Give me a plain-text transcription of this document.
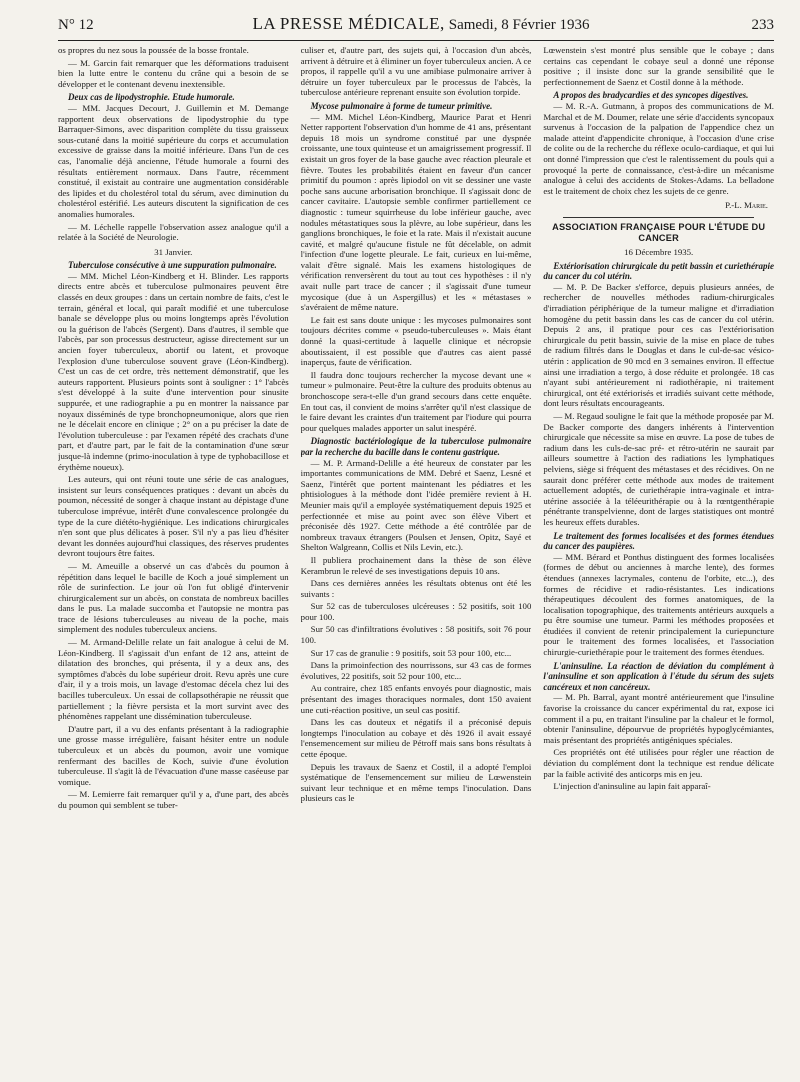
N° 12	LA PRESSE MÉDICALE, Samedi, 8 Février 1936	233

os propres du nez sous la poussée de la bosse frontale.

— M. Garcin fait remarquer que les déformations traduisent bien la lutte entre le contenu du crâne qui a besoin de se développer et le contenant devenu inextensible.

Deux cas de lipodystrophie. Etude humorale.

— MM. Jacques Decourt, J. Guillemin et M. Demange rapportent deux observations de lipodystrophie du type Barraquer-Simons, avec disparition complète du tissu graisseux sous-cutané dans la moitié supérieure du corps et accumulation excessive de graisse dans la moitié inférieure. Dans l'un de ces cas, l'anomalie déjà ancienne, l'étude humorale a fourni des résultats entièrement normaux. Dans l'autre, récemment constitué, il existait au contraire une augmentation considérable des lipides et du cholestérol total du sérum, avec diminution du cholestérol estérifié. Les auteurs discutent la signification de ces anomalies humorales.

— M. Léchelle rappelle l'observation assez analogue qu'il a relatée à la Société de Neurologie.

31 Janvier.
Tuberculose consécutive à une suppuration pulmonaire.

— MM. Michel Léon-Kindberg et H. Blinder. Les rapports directs entre abcès et tuberculose pulmonaires peuvent être classés en deux groupes : dans un certain nombre de faits, c'est le terrain, général et local, qui paraît modifié et une tuberculose banale se développe plus ou moins longtemps après l'évolution ou la guérison de l'abcès (Sergent). Dans d'autres, il semble que l'abcès, par son processus destructeur, agisse directement sur un ancien foyer tuberculeux, abortif ou latent, et provoque l'explosion d'une tuberculose souvent grave (Léon-Kindberg). C'est un cas de cet ordre, très nettement démonstratif, que les auteurs rapportent. Plusieurs points sont à souligner : 1° l'abcès s'est développé à la suite d'une intervention pour sinusite suppurée, et une radiographie a pu en montrer la naissance par noyaux disséminés de type bronchopneumonique, alors que rien ne le décelait encore en clinique ; 2° on a pu préciser la date de l'évolution tuberculeuse : par l'examen répété des crachats d'une part, et d'autre part, par le fait de la contamination d'une sœur jusque-là indemne (primo-inoculation à type de typhobacillose et érythème noueux).

Les auteurs, qui ont réuni toute une série de cas analogues, insistent sur leurs conséquences pratiques : devant un abcès du poumon, nécessité de songer à chaque instant au dépistage d'une tuberculose imprévue, intérêt d'une convalescence prolongée du type de la cure diététo-hygiénique. Les indications chirurgicales n'en sont que plus délicates à poser. S'il n'y a pas lieu d'hésiter devant les données aujourd'hui classiques, des réserves prudentes devront toujours être faites.

— M. Ameuille a observé un cas d'abcès du poumon à répétition dans lequel le bacille de Koch a joué simplement un rôle de surinfection. Le jour où l'on fut obligé d'intervenir chirurgicalement sur un abcès, on constata de nombreux bacilles dans le pus. La malade succomba et l'autopsie ne montra pas trace de lésions tuberculeuses au niveau de la poche, mais simplement des nodules tuberculeux anciens.

— M. Armand-Delille relate un fait analogue à celui de M. Léon-Kindberg. Il s'agissait d'un enfant de 12 ans, atteint de dilatation des bronches, qui présenta, il y a deux ans, des symptômes d'abcès du lobe supérieur droit. Revu après une cure d'air, il y a trois mois, un lavage d'estomac décela chez lui des bacilles tuberculeux. Un essai de collapsothérapie ne réussit que partiellement ; la fièvre persista et la mort survint avec des phénomènes rappelant une dissémination tuberculeuse.

D'autre part, il a vu des enfants présentant à la radiographie une grosse masse irrégulière, faisant hésiter entre un nodule tuberculeux et un abcès du poumon, avoir une vomique renfermant des bacilles de Koch, suivie d'une évolution tuberculeuse. Il s'agit là de l'évacuation d'une masse caséeuse par vomique.

— M. Lemierre fait remarquer qu'il y a, d'une part, des abcès du poumon qui semblent se tuber-

culiser et, d'autre part, des sujets qui, à l'occasion d'un abcès, arrivent à détruire et à éliminer un foyer tuberculeux ancien. A ce propos, il rappelle qu'il a vu une amibiase pulmonaire arriver à détruire un foyer tuberculeux par le processus de l'abcès, la tuberculose antérieure reprenant ensuite son évolution torpide.

Mycose pulmonaire à forme de tumeur primitive.

— MM. Michel Léon-Kindberg, Maurice Parat et Henri Netter rapportent l'observation d'un homme de 41 ans, présentant depuis 18 mois un syndrome constitué par une dyspnée croissante, une toux quinteuse et un amaigrissement progressif. Il existait un gros foyer de la base gauche avec réaction pleurale et fièvre. Toutes les probabilités étaient en faveur d'un cancer primitif du poumon : après lipiodol on vit se dessiner une vaste poche sans aucune arborisation bronchique. Il s'agissait donc de cancer cavitaire. L'autopsie semble confirmer partiellement ce diagnostic : tumeur squirrheuse du lobe inférieur gauche, avec nodules métastatiques sous la plèvre, au lobe supérieur, dans les ganglions bronchiques, le foie et la rate. Mais il n'existait aucune cavité, et malgré qu'aucune fistule ne fût décelable, on admit l'infection d'une logette pleurale. Le fait, curieux en lui-même, valait d'être signalé. Mais les examens histologiques de vérification renversèrent du tout au tout ces hypothèses : il n'y avait nulle part trace de cancer ; il s'agissait d'une tumeur mycosique (due à un Aspergillus) et les « métastases » s'avéraient de même nature.

Le fait est sans doute unique : les mycoses pulmonaires sont toujours décrites comme « pseudo-tuberculeuses ». Mais étant donné la quasi-certitude à laquelle clinique et nécropsie aboutissaient, il est possible que d'autres cas aient passé inaperçus, faute de vérification.

Il faudra donc toujours rechercher la mycose devant une « tumeur » pulmonaire. Peut-être la culture des produits obtenus au bronchoscope sera-t-elle d'un grand secours dans cette enquête. En tout cas, il convient de moins s'arrêter qu'il n'est classique de le faire devant les craintes d'un traitement par l'iodure qui pourra pour quelques malades apporter un salut inespéré.

Diagnostic bactériologique de la tuberculose pulmonaire par la recherche du bacille dans le contenu gastrique.

— M. P. Armand-Delille a été heureux de constater par les importantes communications de MM. Debré et Saenz, Lesné et Saenz, l'intérêt que portent maintenant les pédiatres et les phtisiologues à la méthode dont l'idée première revient à H. Meunier mais qu'il a employée systématiquement depuis 1925 et perfectionnée et mise au point avec son élève Vibert et préconisée dès 1927. Cette méthode a été contrôlée par de nombreux travaux étrangers (Poulsen et Jensen, Opitz, Sayé et Shelton Walgreann, Collis et Nils Levin, etc.).

Il publiera prochainement dans la thèse de son élève Kerambrun le relevé de ses investigations depuis 10 ans.

Dans ces dernières années les résultats obtenus ont été les suivants :

Sur 52 cas de tuberculoses ulcéreuses : 52 positifs, soit 100 pour 100.

Sur 50 cas d'infiltrations évolutives : 58 positifs, soit 76 pour 100.

Sur 17 cas de granulie : 9 positifs, soit 53 pour 100, etc...

Dans la primoinfection des nourrissons, sur 43 cas de formes évolutives, 22 positifs, soit 52 pour 100, etc...

Au contraire, chez 185 enfants envoyés pour diagnostic, mais présentant des images thoraciques normales, dont 150 avaient une cuti-réaction positive, un seul cas positif.

Dans les cas douteux et négatifs il a préconisé depuis longtemps l'inoculation au cobaye et dès 1926 il avait essayé l'ensemencement sur milieu de Pétroff mais sans bons résultats à cette époque.

Depuis les travaux de Saenz et Costil, il a adopté l'emploi systématique de l'ensemencement sur milieu de Lœwenstein suivant leur technique et en même temps l'inoculation. Dans plusieurs cas le

Lœwenstein s'est montré plus sensible que le cobaye ; dans certains cas cependant le cobaye seul a donné une réponse positive ; il insiste donc sur la grande sensibilité que le perfectionnement de Saenz et Costil donne à la méthode.

A propos des bradycardies et des syncopes digestives.

— M. R.-A. Gutmann, à propos des communications de M. Marchal et de M. Doumer, relate une série d'accidents syncopaux survenus à l'occasion de la palpation de l'appendice chez un malade atteint d'appendicite chronique, à l'occasion d'une crise de colite ou de la recherche du réflexe oculo-cardiaque, et qui lui ont donné l'impression que c'est le ralentissement du pouls qui a provoqué la perte de connaissance, c'est-à-dire un mécanisme analogue à celui des accidents de Stokes-Adams. La belladone est le traitement de choix chez les sujets de ce genre.

P.-L. Marie.
ASSOCIATION FRANÇAISE POUR L'ÉTUDE DU CANCER
16 Décembre 1935.
Extériorisation chirurgicale du petit bassin et curiethérapie du cancer du col utérin.

— M. P. De Backer s'efforce, depuis plusieurs années, de rechercher de nouvelles méthodes radium-chirurgicales d'irradiation périphérique de la tumeur maligne et d'irradiation homogène du petit bassin dans les cas de cancer du col utérin. Depuis 2 ans, il pratique pour ces cas l'extériorisation chirurgicale du petit bassin, suivie de la mise en place de tubes de radium filtrés dans le Douglas et dans le cul-de-sac vésico-utérin : application de 90 mcd en 3 semaines environ. Il effectue ainsi une irradiation a tergo, à dose réduite et prolongée. 18 cas n'ayant subi antérieurement ni radiothérapie, ni traitement chirurgical, ont été extériorisés et irradiés suivant cette méthode, dont leurs résultats encourageants.

— M. Regaud souligne le fait que la méthode proposée par M. De Backer comporte des dangers inhérents à l'intervention chirurgicale que nécessite sa mise en œuvre. La pose de tubes de radium dans les culs-de-sac pré- et rétro-utérin ne saurait par ailleurs soumettre à l'action des radiations les lymphatiques pelviens, siège si fréquent des métastases et des récidives. On ne saurait donc préférer cette méthode aux modes de traitement actuellement adoptés, de curiethérapie intra-vaginale et intra-utérine associée à la téléeurithérapie ou à la rœntgenthérapie pénétrante transpelvienne, dont de larges statistiques ont montré les heureux effets durables.

Le traitement des formes localisées et des formes étendues du cancer des paupières.

— MM. Bérard et Ponthus distinguent des formes localisées (formes de début ou anciennes à marche lente), des formes étendues (annexes lacrymales, contenu de l'orbite, etc...), des formes de récidive et radio-résistantes. Les indications thérapeutiques découlent des formes anatomiques, de la localisation topographique, des traitements antérieurs auxquels a pu être soumise une tumeur. Parmi les méthodes proposées et étudiées il convient de retenir principalement la curiepuncture pour le traitement des formes localisées, et l'association chirurgie-curiethérapie pour le traitement des formes étendues.

L'aninsuline. La réaction de déviation du complément à l'aninsuline et son application à l'étude du sérum des sujets cancéreux et non cancéreux.

— M. Ph. Barral, ayant montré antérieurement que l'insuline favorise la croissance du cancer expérimental du rat, expose ici comment il a pu, en traitant l'insuline par la chaleur et le formol, obtenir l'aninsuline, dépourvue de propriétés hypoglycémiantes, mais présentant des propriétés antigéniques spéciales.

Ces propriétés ont été utilisées pour régler une réaction de déviation du complément dont la technique est rendue délicate par la faible activité des anticorps mis en jeu.

L'injection d'aninsuline au lapin fait apparaî-
